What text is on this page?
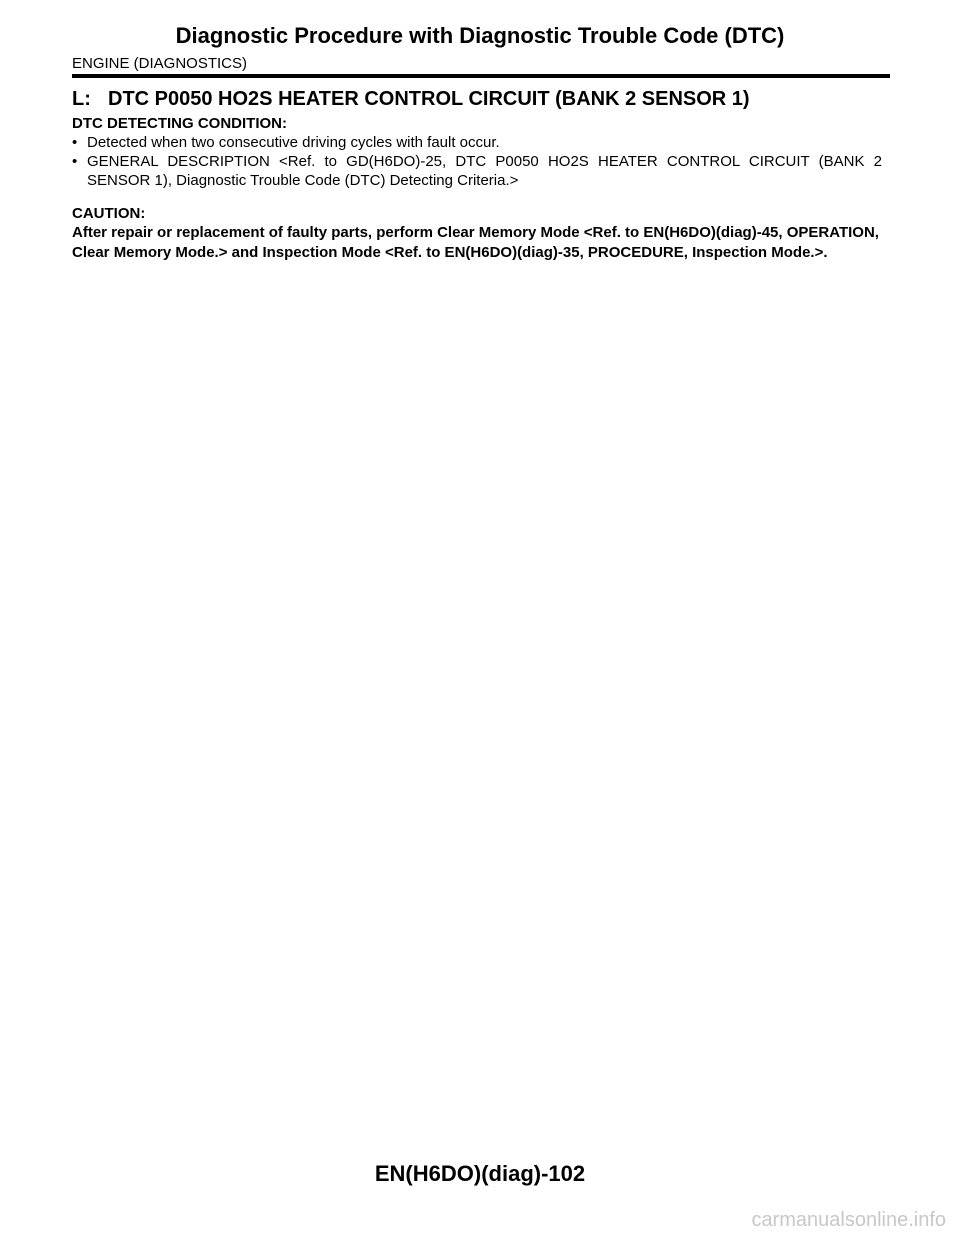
Diagnostic Procedure with Diagnostic Trouble Code (DTC)
ENGINE (DIAGNOSTICS)
L: DTC P0050 HO2S HEATER CONTROL CIRCUIT (BANK 2 SENSOR 1)
DTC DETECTING CONDITION:
• Detected when two consecutive driving cycles with fault occur.
• GENERAL DESCRIPTION <Ref. to GD(H6DO)-25, DTC P0050 HO2S HEATER CONTROL CIRCUIT (BANK 2 SENSOR 1), Diagnostic Trouble Code (DTC) Detecting Criteria.>
CAUTION:
After repair or replacement of faulty parts, perform Clear Memory Mode <Ref. to EN(H6DO)(diag)-45, OPERATION, Clear Memory Mode.> and Inspection Mode <Ref. to EN(H6DO)(diag)-35, PROCEDURE, Inspection Mode.>.
EN(H6DO)(diag)-102
carmanualsonline.info
